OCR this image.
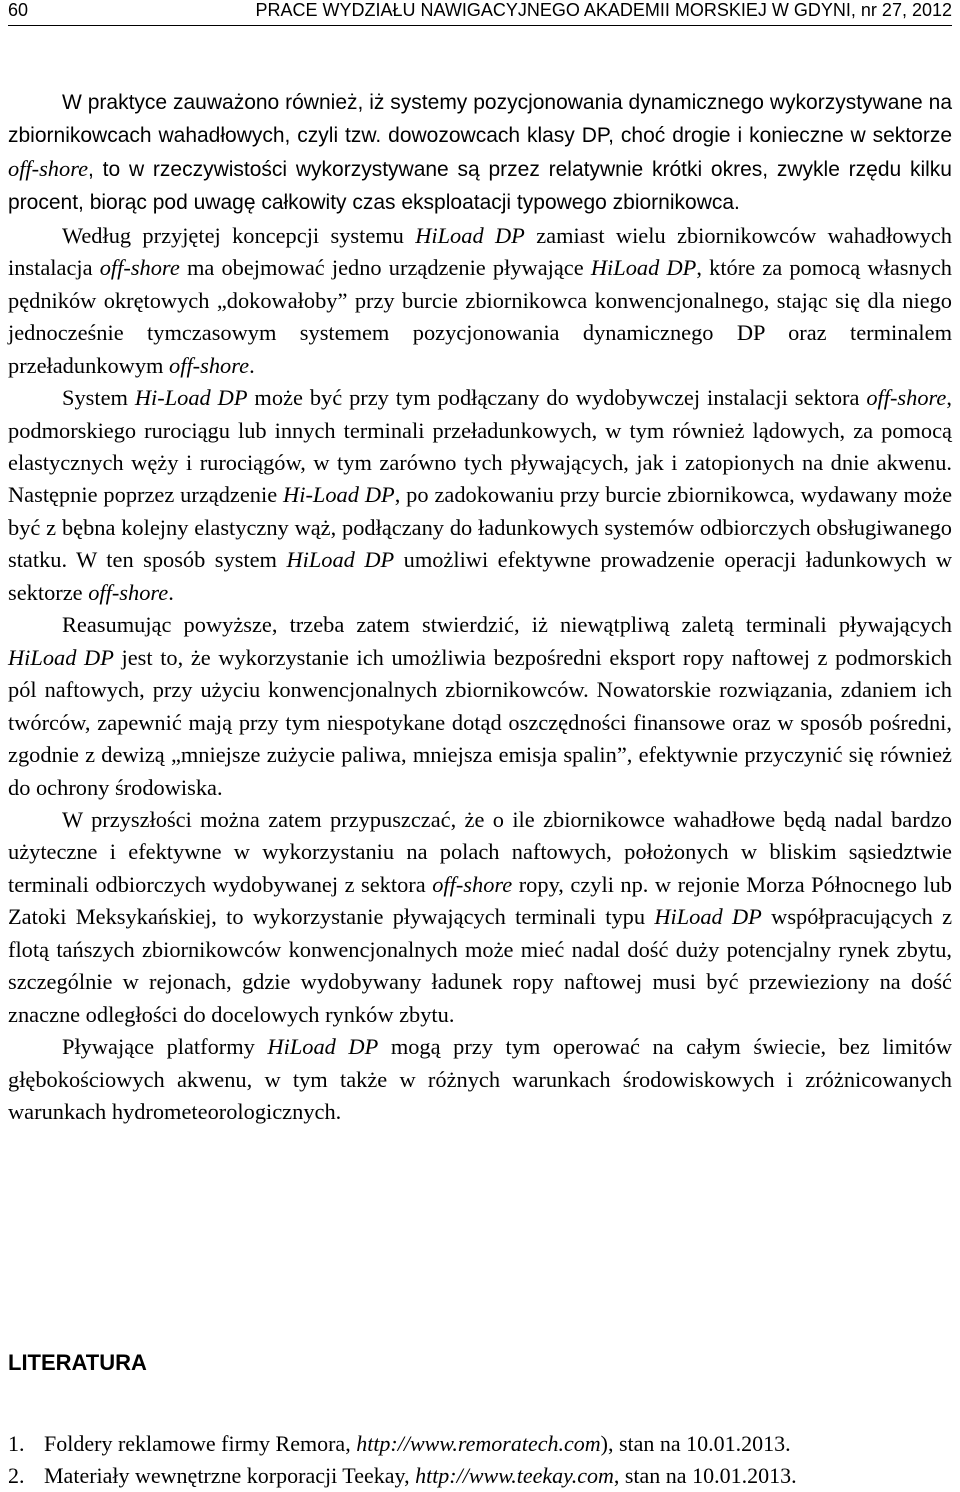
60	PRACE WYDZIAŁU NAWIGACYJNEGO AKADEMII MORSKIEJ W GDYNI, nr 27, 2012

W praktyce zauważono również, iż systemy pozycjonowania dynamicznego wykorzystywane na zbiornikowcach wahadłowych, czyli tzw. dowozowcach klasy DP, choć drogie i konieczne w sektorze off-shore, to w rzeczywistości wykorzystywane są przez relatywnie krótki okres, zwykle rzędu kilku procent, biorąc pod uwagę całkowity czas eksploatacji typowego zbiornikowca.

Według przyjętej koncepcji systemu HiLoad DP zamiast wielu zbiornikowców wahadłowych instalacja off-shore ma obejmować jedno urządzenie pływające HiLoad DP, które za pomocą własnych pędników okrętowych „dokowałoby” przy burcie zbiornikowca konwencjonalnego, stając się dla niego jednocześnie tymczasowym systemem pozycjonowania dynamicznego DP oraz terminalem przeładunkowym off-shore.

System Hi-Load DP może być przy tym podłączany do wydobywczej instalacji sektora off-shore, podmorskiego rurociągu lub innych terminali przeładunkowych, w tym również lądowych, za pomocą elastycznych węży i rurociągów, w tym zarówno tych pływających, jak i zatopionych na dnie akwenu. Następnie poprzez urządzenie Hi-Load DP, po zadokowaniu przy burcie zbiornikowca, wydawany może być z bębna kolejny elastyczny wąż, podłączany do ładunkowych systemów odbiorczych obsługiwanego statku. W ten sposób system HiLoad DP umożliwi efektywne prowadzenie operacji ładunkowych w sektorze off-shore.

Reasumując powyższe, trzeba zatem stwierdzić, iż niewątpliwą zaletą terminali pływających HiLoad DP jest to, że wykorzystanie ich umożliwia bezpośredni eksport ropy naftowej z podmorskich pól naftowych, przy użyciu konwencjonalnych zbiornikowców. Nowatorskie rozwiązania, zdaniem ich twórców, zapewnić mają przy tym niespotykane dotąd oszczędności finansowe oraz w sposób pośredni, zgodnie z dewizą „mniejsze zużycie paliwa, mniejsza emisja spalin”, efektywnie przyczynić się również do ochrony środowiska.

W przyszłości można zatem przypuszczać, że o ile zbiornikowce wahadłowe będą nadal bardzo użyteczne i efektywne w wykorzystaniu na polach naftowych, położonych w bliskim sąsiedztwie terminali odbiorczych wydobywanej z sektora off-shore ropy, czyli np. w rejonie Morza Północnego lub Zatoki Meksykańskiej, to wykorzystanie pływających terminali typu HiLoad DP współpracujących z flotą tańszych zbiornikowców konwencjonalnych może mieć nadal dość duży potencjalny rynek zbytu, szczególnie w rejonach, gdzie wydobywany ładunek ropy naftowej musi być przewieziony na dość znaczne odległości do docelowych rynków zbytu.

Pływające platformy HiLoad DP mogą przy tym operować na całym świecie, bez limitów głębokościowych akwenu, w tym także w różnych warunkach środowiskowych i zróżnicowanych warunkach hydrometeorologicznych.

LITERATURA
1. Foldery reklamowe firmy Remora, http://www.remoratech.com), stan na 10.01.2013.
2. Materiały wewnętrzne korporacji Teekay, http://www.teekay.com, stan na 10.01.2013.
